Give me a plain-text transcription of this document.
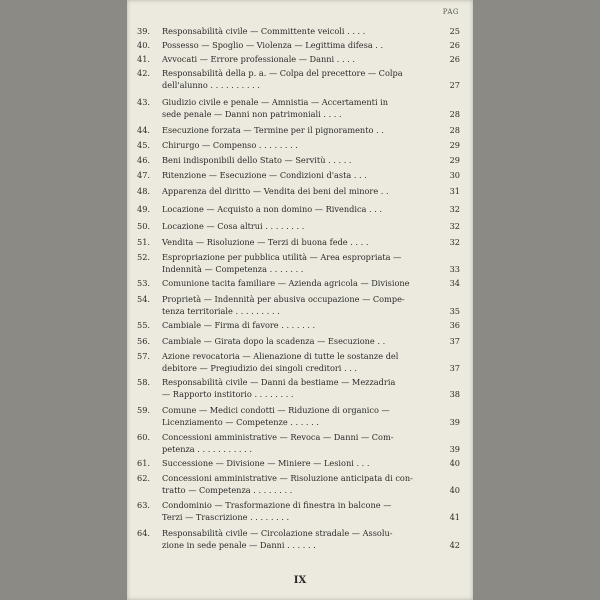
PAG
39.	Responsabilità civile — Committente veicoli . . . .	25
40.	Possesso — Spoglio — Violenza — Legittima difesa . .	26
41.	Avvocati — Errore professionale — Danni . . . .	26
42.	Responsabilità della p. a. — Colpa del precettore — Colpa
dell'alunno . . . . . . . . . .	27
43.	Giudizio civile e penale — Amnistia — Accertamenti in
sede penale — Danni non patrimoniali . . . .	28
44.	Esecuzione forzata — Termine per il pignoramento . .	28
45.	Chirurgo — Compenso . . . . . . . .	29
46.	Beni indisponibili dello Stato — Servitù . . . . .	29
47.	Ritenzione — Esecuzione — Condizioni d'asta . . .	30
48.	Apparenza del diritto — Vendita dei beni del minore . .	31
49.	Locazione — Acquisto a non domino — Rivendica . . .	32
50.	Locazione — Cosa altrui . . . . . . . .	32
51.	Vendita — Risoluzione — Terzi di buona fede . . . .	32
52.	Espropriazione per pubblica utilità — Area espropriata —
Indennità — Competenza . . . . . . .	33
53.	Comunione tacita familiare — Azienda agricola — Divisione	34
54.	Proprietà — Indennità per abusiva occupazione — Compe-
tenza territoriale . . . . . . . . .	35
55.	Cambiale — Firma di favore . . . . . . .	36
56.	Cambiale — Girata dopo la scadenza — Esecuzione . .	37
57.	Azione revocatoria — Alienazione di tutte le sostanze del
debitore — Pregiudizio dei singoli creditori . . .	37
58.	Responsabilità civile — Danni da bestiame — Mezzadria
— Rapporto institorio . . . . . . . .	38
59.	Comune — Medici condotti — Riduzione di organico —
Licenziamento — Competenze . . . . . .	39
60.	Concessioni amministrative — Revoca — Danni — Com-
petenza . . . . . . . . . . .	39
61.	Successione — Divisione — Miniere — Lesioni . . .	40
62.	Concessioni amministrative — Risoluzione anticipata di con-
tratto — Competenza . . . . . . . .	40
63.	Condominio — Trasformazione di finestra in balcone —
Terzi — Trascrizione . . . . . . . .	41
64.	Responsabilità civile — Circolazione stradale — Assolu-
zione in sede penale — Danni . . . . . .	42
IX
